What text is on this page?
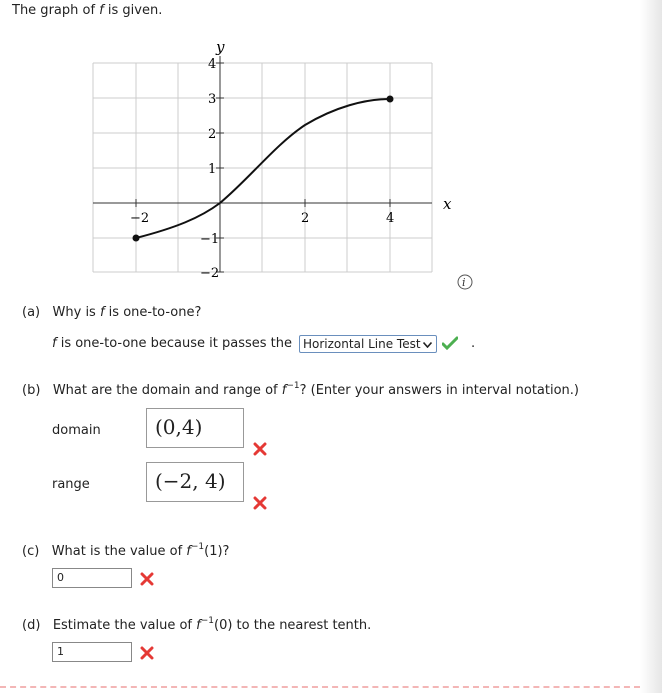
The graph of f is given.
y
x
−2	2	4
4
3
2
1
−1
−2
i
(a) Why is f is one-to-one?
f is one-to-one because it passes the Horizontal Line Test	.
(b) What are the domain and range of $f^{-1}$? (Enter your answers in interval notation.)
domain	(0,4)
range	(−2, 4)
(c) What is the value of $f^{-1}(1)$?
0
(d) Estimate the value of $f^{-1}(0)$ to the nearest tenth.
1
